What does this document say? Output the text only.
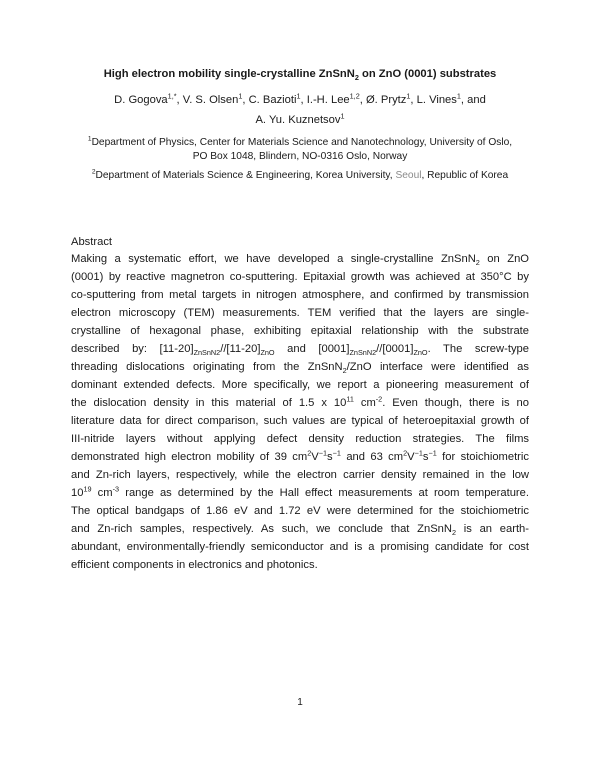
High electron mobility single-crystalline ZnSnN$_2$ on ZnO (0001) substrates
D. Gogova$^{1,*}$, V. S. Olsen$^1$, C. Bazioti$^1$, I.-H. Lee$^{1,2}$, Ø. Prytz$^1$, L. Vines$^1$, and
A. Yu. Kuznetsov$^1$
$^1$Department of Physics, Center for Materials Science and Nanotechnology, University of Oslo,
PO Box 1048, Blindern, NO-0316 Oslo, Norway
$^2$Department of Materials Science & Engineering, Korea University, Seoul, Republic of Korea
Abstract
Making a systematic effort, we have developed a single-crystalline ZnSnN$_2$ on ZnO
(0001) by reactive magnetron co-sputtering. Epitaxial growth was achieved at 350°C by
co-sputtering from metal targets in nitrogen atmosphere, and confirmed by transmission
electron microscopy (TEM) measurements. TEM verified that the layers are single-
crystalline of hexagonal phase, exhibiting epitaxial relationship with the substrate
described by: $[11-20]_{ZnSnN2}//[11-20]_{ZnO}$ and $[0001]_{ZnSnN2}//[0001]_{ZnO}$. The screw-type
threading dislocations originating from the ZnSnN$_2$/ZnO interface were identified as
dominant extended defects. More specifically, we report a pioneering measurement of
the dislocation density in this material of 1.5 x $10^{11}$ $cm^{-2}$. Even though, there is no
literature data for direct comparison, such values are typical of heteroepitaxial growth of
III-nitride layers without applying defect density reduction strategies. The films
demonstrated high electron mobility of 39 $cm^2V^{-1}s^{-1}$ and 63 $cm^2V^{-1}s^{-1}$ for stoichiometric
and Zn-rich layers, respectively, while the electron carrier density remained in the low
$10^{19}$ $cm^{-3}$ range as determined by the Hall effect measurements at room temperature.
The optical bandgaps of 1.86 eV and 1.72 eV were determined for the stoichiometric
and Zn-rich samples, respectively. As such, we conclude that ZnSnN$_2$ is an earth-
abundant, environmentally-friendly semiconductor and is a promising candidate for cost
efficient components in electronics and photonics.
1
